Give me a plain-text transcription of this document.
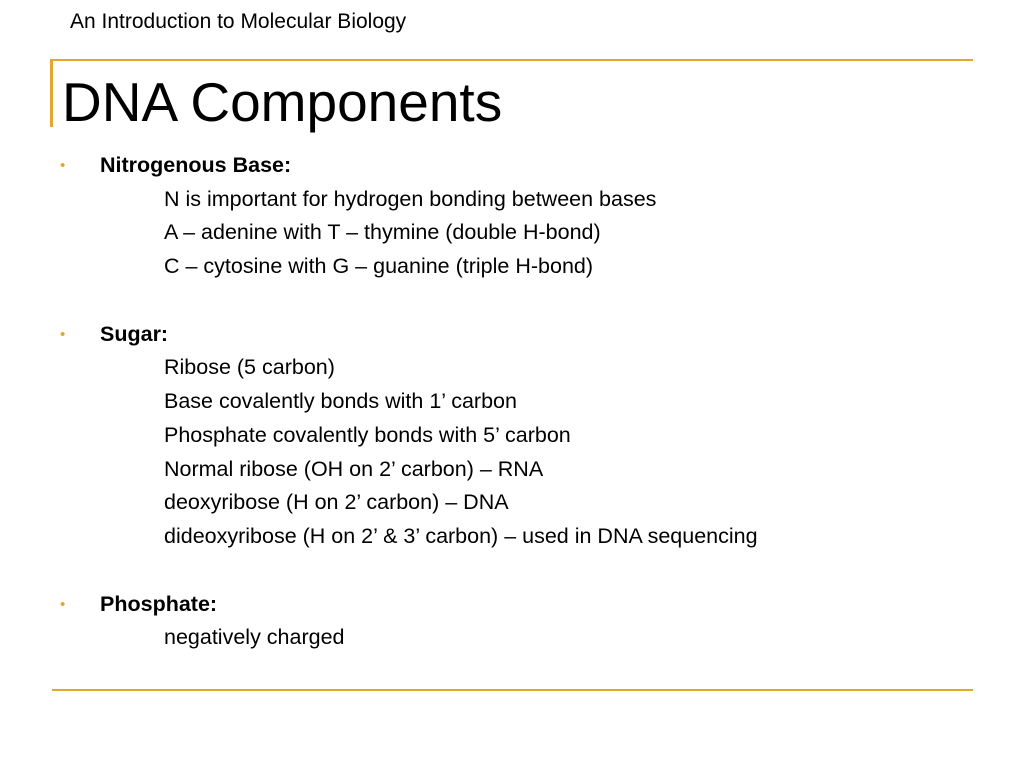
An Introduction to Molecular Biology
DNA Components
• Nitrogenous Base:
N is important for hydrogen bonding between bases
A – adenine with T – thymine (double H-bond)
C – cytosine with G – guanine (triple H-bond)
• Sugar:
Ribose (5 carbon)
Base covalently bonds with 1’ carbon
Phosphate covalently bonds with 5’ carbon
Normal ribose (OH on 2’ carbon) – RNA
deoxyribose (H on 2’ carbon) – DNA
dideoxyribose (H on 2’ & 3’ carbon) – used in DNA sequencing
• Phosphate:
negatively charged
